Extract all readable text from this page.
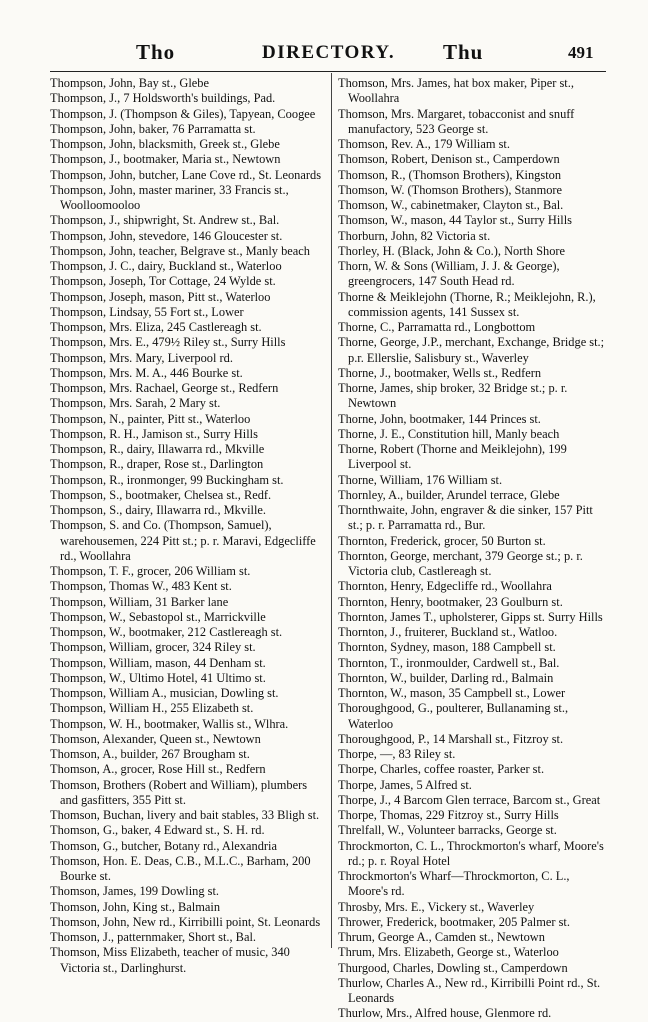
Tho	DIRECTORY. Thu	491

Thompson, John, Bay st., Glebe

Thompson, J., 7 Holdsworth's buildings, Pad.

Thompson, J. (Thompson & Giles), Tapyean, Coogee

Thompson, John, baker, 76 Parramatta st.

Thompson, John, blacksmith, Greek st., Glebe

Thompson, J., bootmaker, Maria st., Newtown

Thompson, John, butcher, Lane Cove rd., St. Leonards

Thompson, John, master mariner, 33 Francis st., Woolloomooloo

Thompson, J., shipwright, St. Andrew st., Bal.

Thompson, John, stevedore, 146 Gloucester st.

Thompson, John, teacher, Belgrave st., Manly beach

Thompson, J. C., dairy, Buckland st., Waterloo

Thompson, Joseph, Tor Cottage, 24 Wylde st.

Thompson, Joseph, mason, Pitt st., Waterloo

Thompson, Lindsay, 55 Fort st., Lower

Thompson, Mrs. Eliza, 245 Castlereagh st.

Thompson, Mrs. E., 479½ Riley st., Surry Hills

Thompson, Mrs. Mary, Liverpool rd.

Thompson, Mrs. M. A., 446 Bourke st.

Thompson, Mrs. Rachael, George st., Redfern

Thompson, Mrs. Sarah, 2 Mary st.

Thompson, N., painter, Pitt st., Waterloo

Thompson, R. H., Jamison st., Surry Hills

Thompson, R., dairy, Illawarra rd., Mkville

Thompson, R., draper, Rose st., Darlington

Thompson, R., ironmonger, 99 Buckingham st.

Thompson, S., bootmaker, Chelsea st., Redf.

Thompson, S., dairy, Illawarra rd., Mkville.

Thompson, S. and Co. (Thompson, Samuel), warehousemen, 224 Pitt st.; p. r. Maravi, Edgecliffe rd., Woollahra

Thompson, T. F., grocer, 206 William st.

Thompson, Thomas W., 483 Kent st.

Thompson, William, 31 Barker lane

Thompson, W., Sebastopol st., Marrickville

Thompson, W., bootmaker, 212 Castlereagh st.

Thompson, William, grocer, 324 Riley st.

Thompson, William, mason, 44 Denham st.

Thompson, W., Ultimo Hotel, 41 Ultimo st.

Thompson, William A., musician, Dowling st.

Thompson, William H., 255 Elizabeth st.

Thompson, W. H., bootmaker, Wallis st., Wlhra.

Thomson, Alexander, Queen st., Newtown

Thomson, A., builder, 267 Brougham st.

Thomson, A., grocer, Rose Hill st., Redfern

Thomson, Brothers (Robert and William), plumbers and gasfitters, 355 Pitt st.

Thomson, Buchan, livery and bait stables, 33 Bligh st.

Thomson, G., baker, 4 Edward st., S. H. rd.

Thomson, G., butcher, Botany rd., Alexandria

Thomson, Hon. E. Deas, C.B., M.L.C., Barham, 200 Bourke st.

Thomson, James, 199 Dowling st.

Thomson, John, King st., Balmain

Thomson, John, New rd., Kirribilli point, St. Leonards

Thomson, J., patternmaker, Short st., Bal.

Thomson, Miss Elizabeth, teacher of music, 340 Victoria st., Darlinghurst.

Thomson, Mrs. James, hat box maker, Piper st., Woollahra

Thomson, Mrs. Margaret, tobacconist and snuff manufactory, 523 George st.

Thomson, Rev. A., 179 William st.

Thomson, Robert, Denison st., Camperdown

Thomson, R., (Thomson Brothers), Kingston

Thomson, W. (Thomson Brothers), Stanmore

Thomson, W., cabinetmaker, Clayton st., Bal.

Thomson, W., mason, 44 Taylor st., Surry Hills

Thorburn, John, 82 Victoria st.

Thorley, H. (Black, John & Co.), North Shore

Thorn, W. & Sons (William, J. J. & George), greengrocers, 147 South Head rd.

Thorne & Meiklejohn (Thorne, R.; Meiklejohn, R.), commission agents, 141 Sussex st.

Thorne, C., Parramatta rd., Longbottom

Thorne, George, J.P., merchant, Exchange, Bridge st.; p.r. Ellerslie, Salisbury st., Waverley

Thorne, J., bootmaker, Wells st., Redfern

Thorne, James, ship broker, 32 Bridge st.; p. r. Newtown

Thorne, John, bootmaker, 144 Princes st.

Thorne, J. E., Constitution hill, Manly beach

Thorne, Robert (Thorne and Meiklejohn), 199 Liverpool st.

Thorne, William, 176 William st.

Thornley, A., builder, Arundel terrace, Glebe

Thornthwaite, John, engraver & die sinker, 157 Pitt st.; p. r. Parramatta rd., Bur.

Thornton, Frederick, grocer, 50 Burton st.

Thornton, George, merchant, 379 George st.; p. r. Victoria club, Castlereagh st.

Thornton, Henry, Edgecliffe rd., Woollahra

Thornton, Henry, bootmaker, 23 Goulburn st.

Thornton, James T., upholsterer, Gipps st. Surry Hills

Thornton, J., fruiterer, Buckland st., Watloo.

Thornton, Sydney, mason, 188 Campbell st.

Thornton, T., ironmoulder, Cardwell st., Bal.

Thornton, W., builder, Darling rd., Balmain

Thornton, W., mason, 35 Campbell st., Lower

Thoroughgood, G., poulterer, Bullanaming st., Waterloo

Thoroughgood, P., 14 Marshall st., Fitzroy st.

Thorpe, —, 83 Riley st.

Thorpe, Charles, coffee roaster, Parker st.

Thorpe, James, 5 Alfred st.

Thorpe, J., 4 Barcom Glen terrace, Barcom st., Great

Thorpe, Thomas, 229 Fitzroy st., Surry Hills

Threlfall, W., Volunteer barracks, George st.

Throckmorton, C. L., Throckmorton's wharf, Moore's rd.; p. r. Royal Hotel

Throckmorton's Wharf—Throckmorton, C. L., Moore's rd.

Throsby, Mrs. E., Vickery st., Waverley

Thrower, Frederick, bootmaker, 205 Palmer st.

Thrum, George A., Camden st., Newtown

Thrum, Mrs. Elizabeth, George st., Waterloo

Thurgood, Charles, Dowling st., Camperdown

Thurlow, Charles A., New rd., Kirribilli Point rd., St. Leonards

Thurlow, Mrs., Alfred house, Glenmore rd.
